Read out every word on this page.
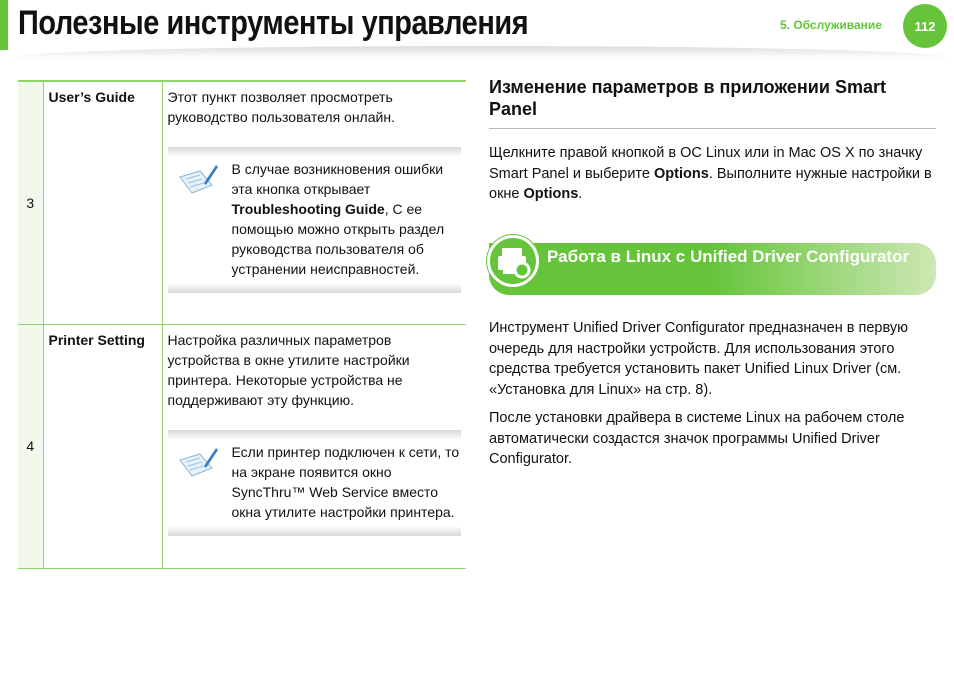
Полезные инструменты управления	5. Обслуживание	112
3	User’s Guide	Этот пункт позволяет просмотреть руководство пользователя онлайн.
В случае возникновения ошибки эта кнопка открывает Troubleshooting Guide, С ее помощью можно открыть раздел руководства пользователя об устранении неисправностей.

4	Printer Setting	Настройка различных параметров устройства в окне утилите настройки принтера. Некоторые устройства не поддерживают эту функцию.
Если принтер подключен к сети, то на экране появится окно SyncThru™ Web Service вместо окна утилите настройки принтера.
Изменение параметров в приложении Smart Panel

Щелкните правой кнопкой в ОС Linux или in Mac OS X по значку Smart Panel и выберите Options. Выполните нужные настройки в окне Options.

Работа в Linux с Unified Driver Configurator

Инструмент Unified Driver Configurator предназначен в первую очередь для настройки устройств. Для использования этого средства требуется установить пакет Unified Linux Driver (см. «Установка для Linux» на стр. 8).

После установки драйвера в системе Linux на рабочем столе автоматически создастся значок программы Unified Driver Configurator.
